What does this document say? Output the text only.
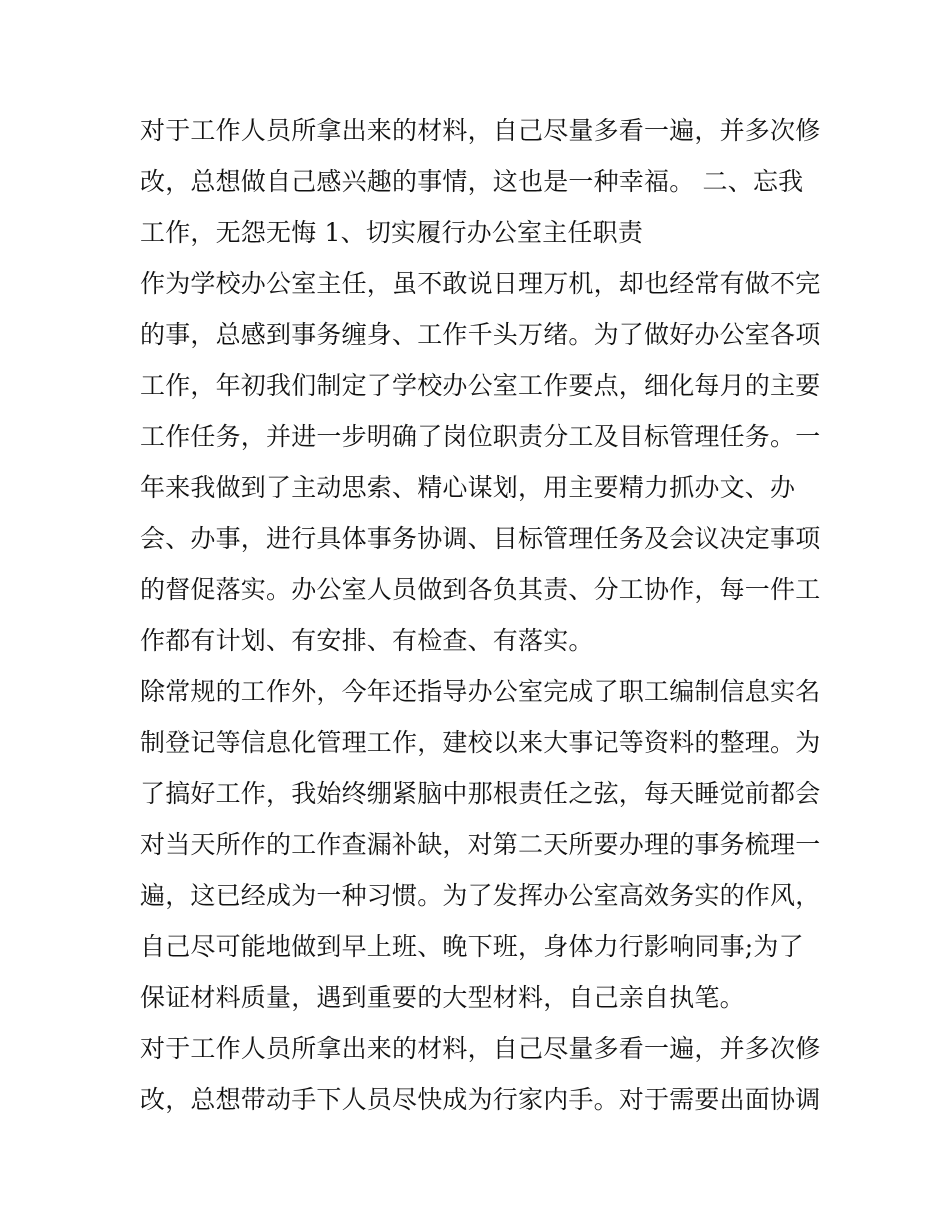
对于工作人员所拿出来的材料，自己尽量多看一遍，并多次修
改，总想做自己感兴趣的事情，这也是一种幸福。 二、忘我
工作，无怨无悔 1、切实履行办公室主任职责
作为学校办公室主任，虽不敢说日理万机，却也经常有做不完
的事，总感到事务缠身、工作千头万绪。为了做好办公室各项
工作，年初我们制定了学校办公室工作要点，细化每月的主要
工作任务，并进一步明确了岗位职责分工及目标管理任务。一
年来我做到了主动思索、精心谋划，用主要精力抓办文、办
会、办事，进行具体事务协调、目标管理任务及会议决定事项
的督促落实。办公室人员做到各负其责、分工协作，每一件工
作都有计划、有安排、有检查、有落实。
除常规的工作外，今年还指导办公室完成了职工编制信息实名
制登记等信息化管理工作，建校以来大事记等资料的整理。为
了搞好工作，我始终绷紧脑中那根责任之弦，每天睡觉前都会
对当天所作的工作查漏补缺，对第二天所要办理的事务梳理一
遍，这已经成为一种习惯。为了发挥办公室高效务实的作风，
自己尽可能地做到早上班、晚下班，身体力行影响同事;为了
保证材料质量，遇到重要的大型材料，自己亲自执笔。
对于工作人员所拿出来的材料，自己尽量多看一遍，并多次修
改，总想带动手下人员尽快成为行家内手。对于需要出面协调
